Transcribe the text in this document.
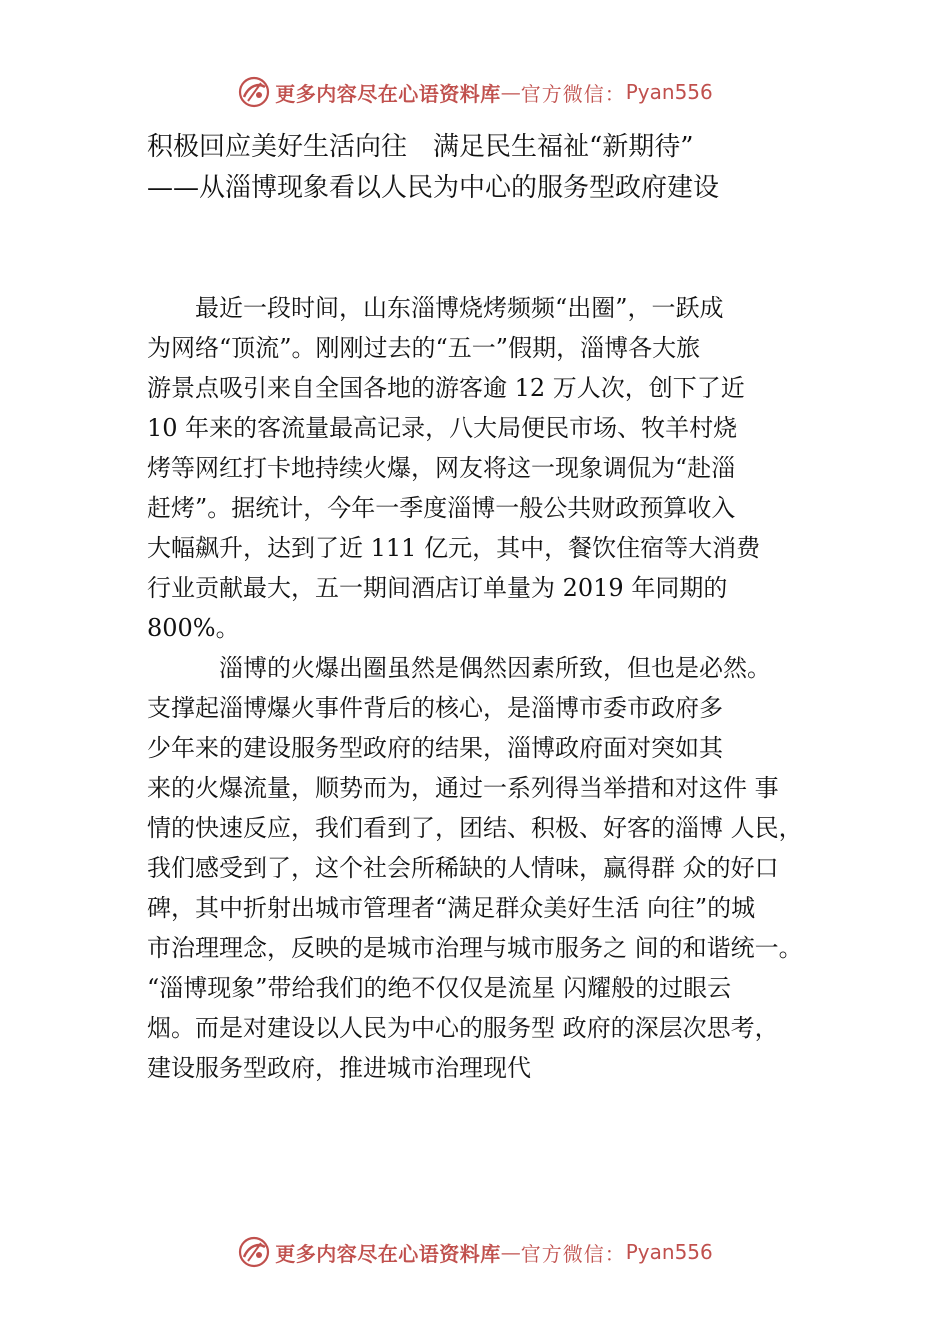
更多内容尽在心语资料库 — 官方微信： Pyan556
积极回应美好生活向往　满足民生福祉“新期待”
——从淄博现象看以人民为中心的服务型政府建设
　　最近一段时间，山东淄博烧烤频频“出圈”，一跃成
为网络“顶流”。刚刚过去的“五一”假期，淄博各大旅
游景点吸引来自全国各地的游客逾 12 万人次，创下了近
10 年来的客流量最高记录，八大局便民市场、牧羊村烧
烤等网红打卡地持续火爆，网友将这一现象调侃为“赴淄
赶烤”。据统计，今年一季度淄博一般公共财政预算收入
大幅飙升，达到了近 111 亿元，其中，餐饮住宿等大消费
行业贡献最大，五一期间酒店订单量为 2019 年同期的
800%。
　　　淄博的火爆出圈虽然是偶然因素所致，但也是必然。
支撑起淄博爆火事件背后的核心，是淄博市委市政府多
少年来的建设服务型政府的结果，淄博政府面对突如其
来的火爆流量，顺势而为，通过一系列得当举措和对这件 事
情的快速反应，我们看到了，团结、积极、好客的淄博 人民，
我们感受到了，这个社会所稀缺的人情味，赢得群 众的好口
碑，其中折射出城市管理者“满足群众美好生活 向往”的城
市治理理念，反映的是城市治理与城市服务之 间的和谐统一。
“淄博现象”带给我们的绝不仅仅是流星 闪耀般的过眼云
烟。而是对建设以人民为中心的服务型 政府的深层次思考，
建设服务型政府，推进城市治理现代
更多内容尽在心语资料库 — 官方微信： Pyan556
